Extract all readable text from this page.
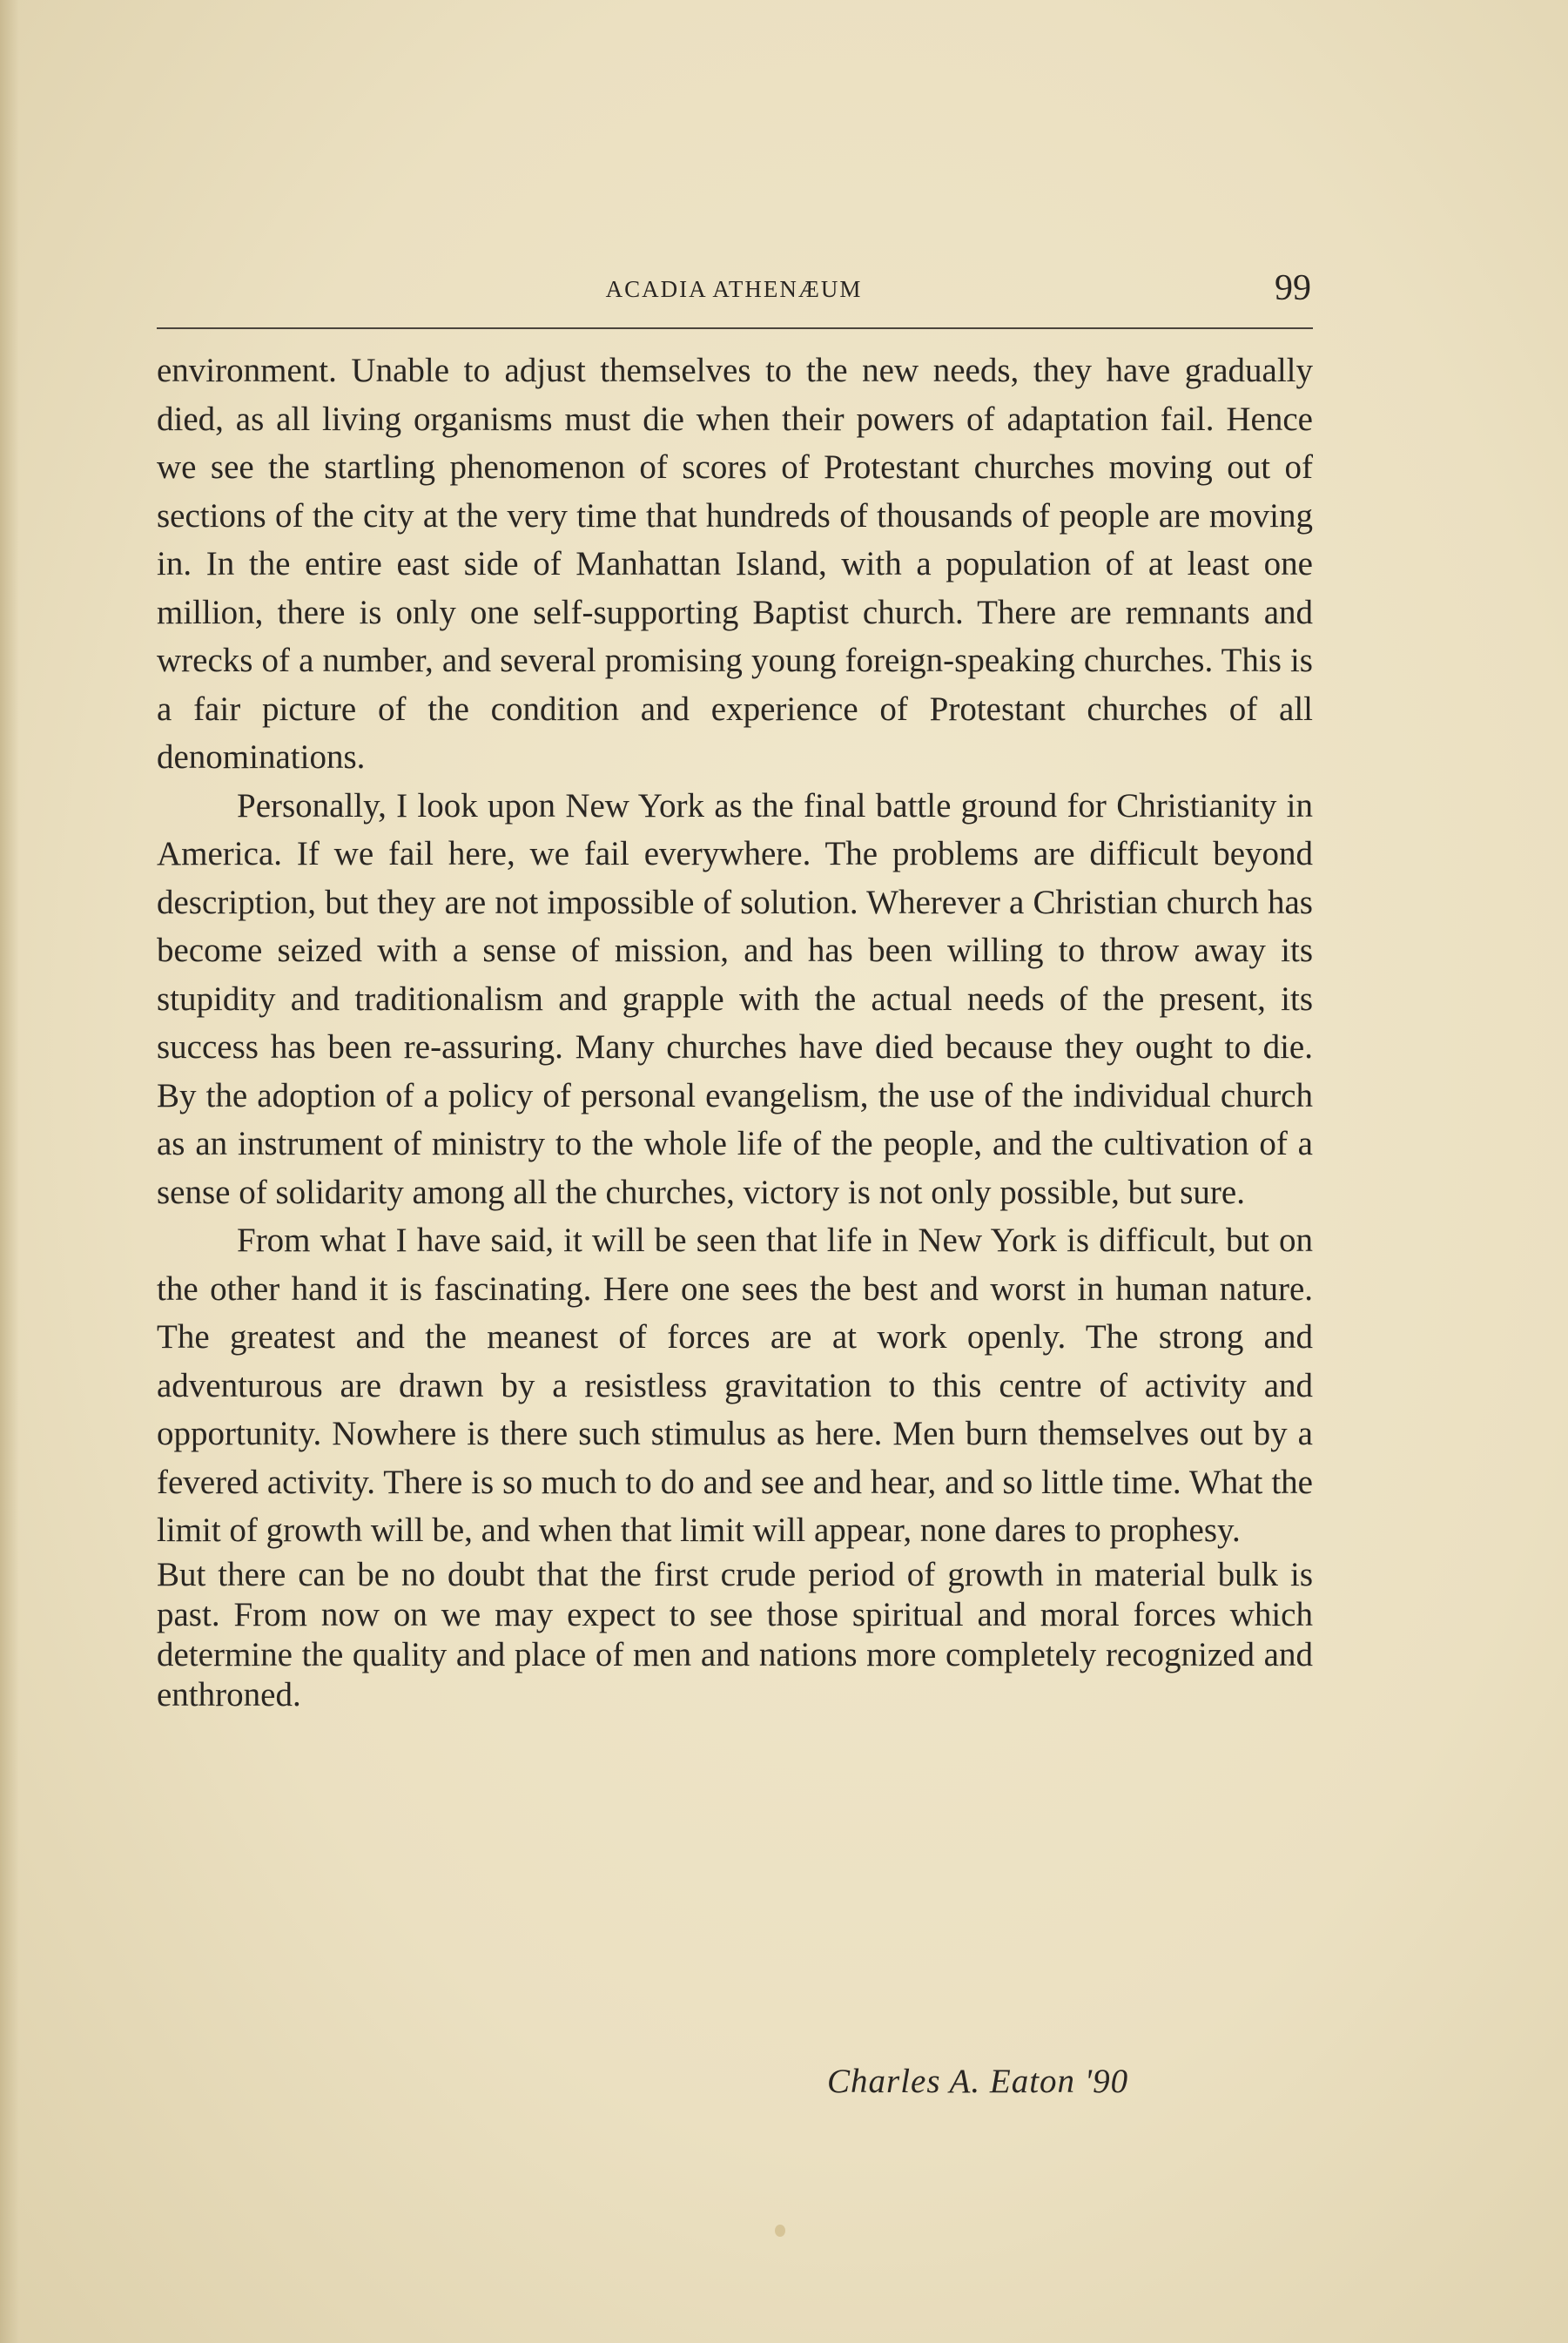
ACADIA ATHENÆUM	99

environment. Unable to adjust themselves to the new needs, they have gradually died, as all living organisms must die when their powers of adaptation fail. Hence we see the startling phenomenon of scores of Protestant churches moving out of sections of the city at the very time that hundreds of thousands of people are moving in. In the entire east side of Manhattan Island, with a population of at least one million, there is only one self-supporting Baptist church. There are remnants and wrecks of a number, and several promising young foreign-speaking churches. This is a fair picture of the condition and experience of Protestant churches of all denominations.

Personally, I look upon New York as the final battle ground for Christianity in America. If we fail here, we fail everywhere. The problems are difficult beyond description, but they are not impossible of solution. Wherever a Christian church has become seized with a sense of mission, and has been willing to throw away its stupidity and traditionalism and grapple with the actual needs of the present, its success has been re-assuring. Many churches have died because they ought to die. By the adoption of a policy of personal evangelism, the use of the individual church as an instrument of ministry to the whole life of the people, and the cultivation of a sense of solidarity among all the churches, victory is not only possible, but sure.

From what I have said, it will be seen that life in New York is difficult, but on the other hand it is fascinating. Here one sees the best and worst in human nature. The greatest and the meanest of forces are at work openly. The strong and adventurous are drawn by a resistless gravitation to this centre of activity and opportunity. Nowhere is there such stimulus as here. Men burn themselves out by a fevered activity. There is so much to do and see and hear, and so little time. What the limit of growth will be, and when that limit will appear, none dares to prophesy.

But there can be no doubt that the first crude period of growth in material bulk is past. From now on we may expect to see those spiritual and moral forces which determine the quality and place of men and nations more completely recognized and enthroned.

Charles A. Eaton '90
